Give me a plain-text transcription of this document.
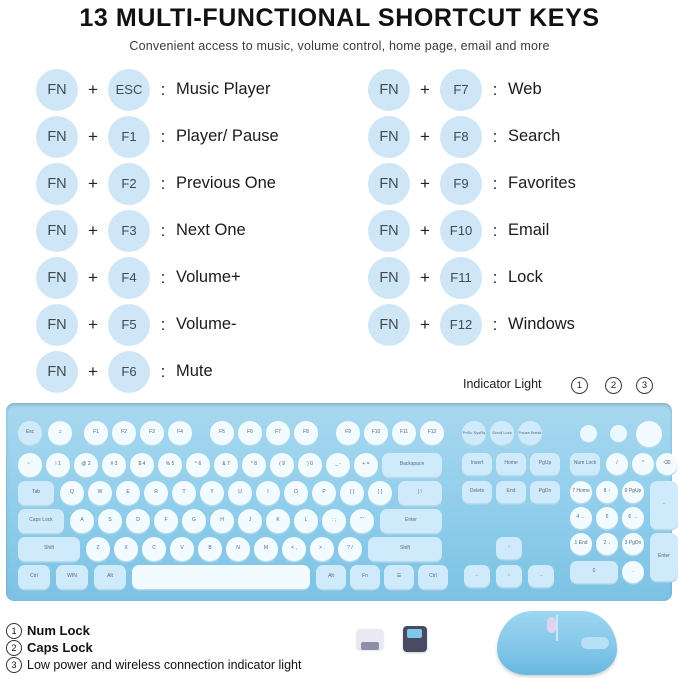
13 MULTI-FUNCTIONAL SHORTCUT KEYS

Convenient access to music, volume control, home page, email and more

FN	+	ESC	: Music Player
FN	+	F1	: Player/ Pause
FN	+	F2	: Previous One
FN	+	F3	: Next One
FN	+	F4	: Volume+
FN	+	F5	: Volume-
FN	+	F6	: Mute
FN	+	F7	: Web
FN	+	F8	: Search
FN	+	F9	: Favorites
FN	+	F10	: Email
FN	+	F11	: Lock
FN	+	F12	: Windows
Indicator Light	1	2	3
Esc	♫	F1	F2	F3	F4	F5	F6	F7	F8	F9	F10	F11	F12	PrtSc SysRq	Scroll Lock	Pause Break
~ `	! 1	@ 2	# 3	$ 4	% 5	^ 6	& 7	* 8	( 9	) 0	_ -	+ =	Backspace	Insert	Home	PgUp	Num Lock	/	*	⌫
Tab	Q	W	E	R	T	Y	U	I	O	P	{ [	} ]	| \	Delete	End	PgDn	7 Home	8 ↑	9 PgUp
-
Caps Lock	A	S	D	F	G	H	J	K	L	: ;	" '	Enter	4 ←	5	6 →
Shift	Z	X	C	V	B	N	M	< ,	> .	? /	Shift	↑
1 End	2 ↓	3 PgDn
Enter
Ctrl	WIN	Alt	Alt	Fn	☰	Ctrl	←	↓	→
0	.
1 Num Lock
2 Caps Lock
3 Low power and wireless connection indicator light
